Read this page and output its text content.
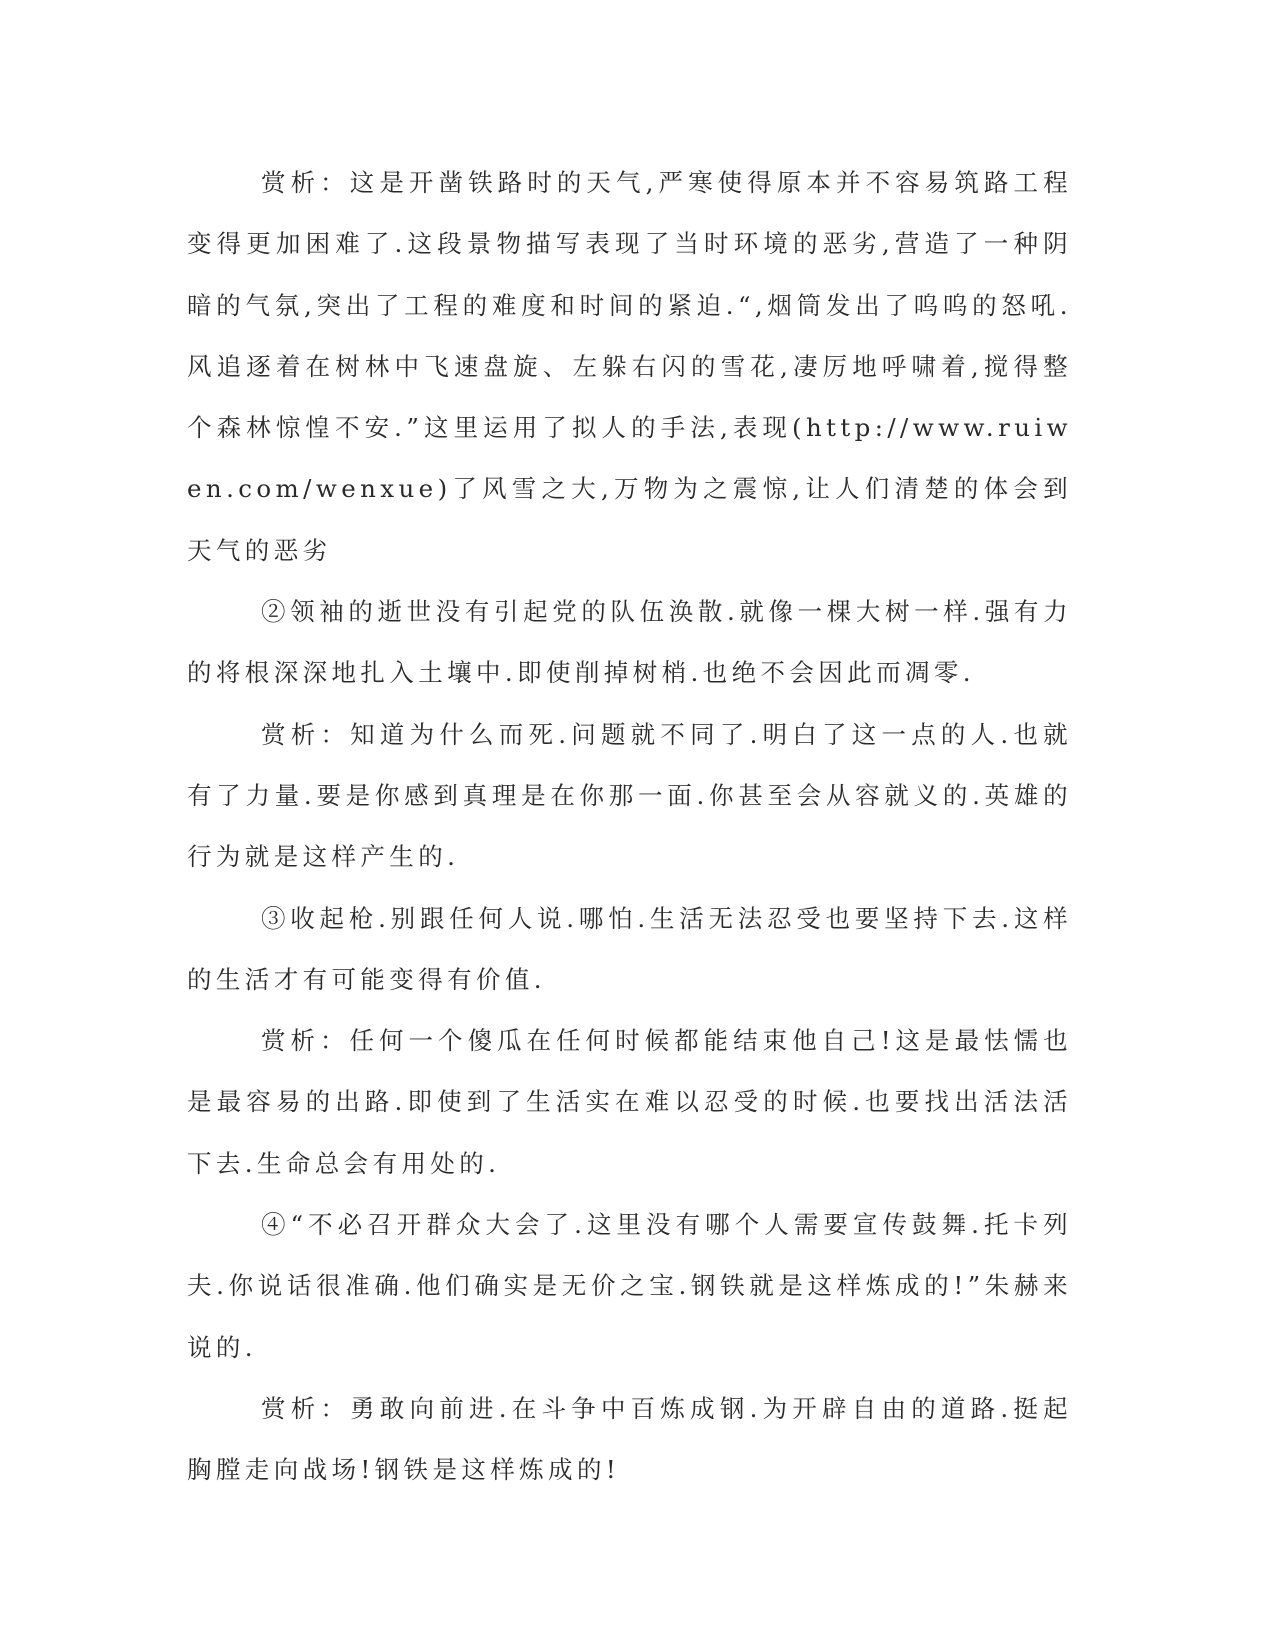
赏析：这是开凿铁路时的天气,严寒使得原本并不容易筑路工程变得更加困难了.这段景物描写表现了当时环境的恶劣,营造了一种阴暗的气氛,突出了工程的难度和时间的紧迫.“,烟筒发出了呜呜的怒吼.风追逐着在树林中飞速盘旋、左躲右闪的雪花,凄厉地呼啸着,搅得整个森林惊惶不安.”这里运用了拟人的手法,表现(http://www.ruiwen.com/wenxue)了风雪之大,万物为之震惊,让人们清楚的体会到天气的恶劣

②领袖的逝世没有引起党的队伍涣散.就像一棵大树一样.强有力的将根深深地扎入土壤中.即使削掉树梢.也绝不会因此而凋零.

赏析：知道为什么而死.问题就不同了.明白了这一点的人.也就有了力量.要是你感到真理是在你那一面.你甚至会从容就义的.英雄的行为就是这样产生的.

③收起枪.别跟任何人说.哪怕.生活无法忍受也要坚持下去.这样的生活才有可能变得有价值.

赏析：任何一个傻瓜在任何时候都能结束他自己!这是最怯懦也是最容易的出路.即使到了生活实在难以忍受的时候.也要找出活法活下去.生命总会有用处的.

④“不必召开群众大会了.这里没有哪个人需要宣传鼓舞.托卡列夫.你说话很准确.他们确实是无价之宝.钢铁就是这样炼成的!”朱赫来说的.

赏析：勇敢向前进.在斗争中百炼成钢.为开辟自由的道路.挺起胸膛走向战场!钢铁是这样炼成的!
